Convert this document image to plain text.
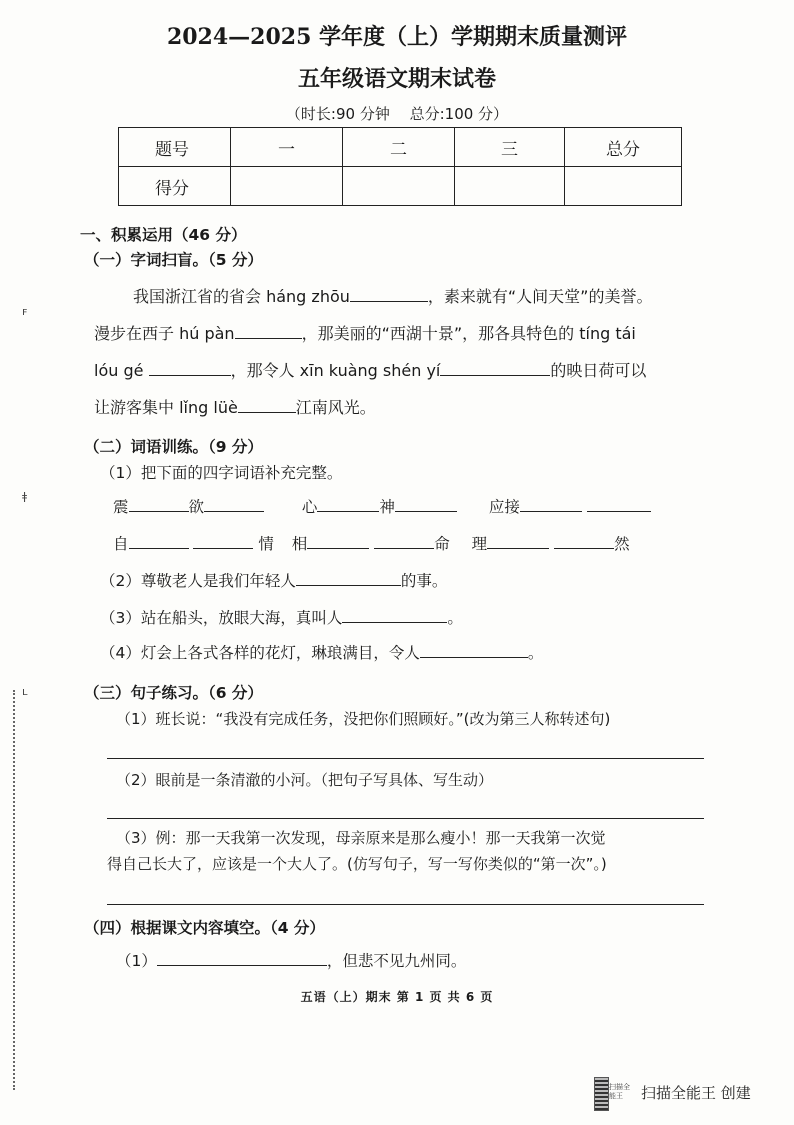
2024—2025 学年度（上）学期期末质量测评
五年级语文期末试卷
（时长:90 分钟　 总分:100 分）
题号	一	二	三	总分
得分				
一、积累运用（46 分）
（一）字词扫盲。（5 分）
我国浙江省的省会 háng zhōu	，素来就有“人间天堂”的美誉。
漫步在西子 hú pàn	，那美丽的“西湖十景”，那各具特色的 tíng tái
lóu gé	，那令人 xīn kuàng shén yí	的映日荷可以
让游客集中 lǐng lüè	江南风光。
（二）词语训练。（9 分）
（1）把下面的四字词语补充完整。
震	欲	心	神	应接
自	情 相	命 理	然
（2）尊敬老人是我们年轻人	的事。
（3）站在船头，放眼大海，真叫人	。
（4）灯会上各式各样的花灯，琳琅满目，令人	。
（三）句子练习。（6 分）
（1）班长说：“我没有完成任务，没把你们照顾好。”(改为第三人称转述句)
（2）眼前是一条清澈的小河。（把句子写具体、写生动）
（3）例：那一天我第一次发现，母亲原来是那么瘦小！那一天我第一次觉
得自己长大了，应该是一个大人了。(仿写句子，写一写你类似的“第一次”。)
（四）根据课文内容填空。（4 分）
（1）	，但悲不见九州同。
五语（上）期末 第 1 页 共 6 页
ꜰ
ǂ
ʟ
扫描全能王	扫描全能王 创建
